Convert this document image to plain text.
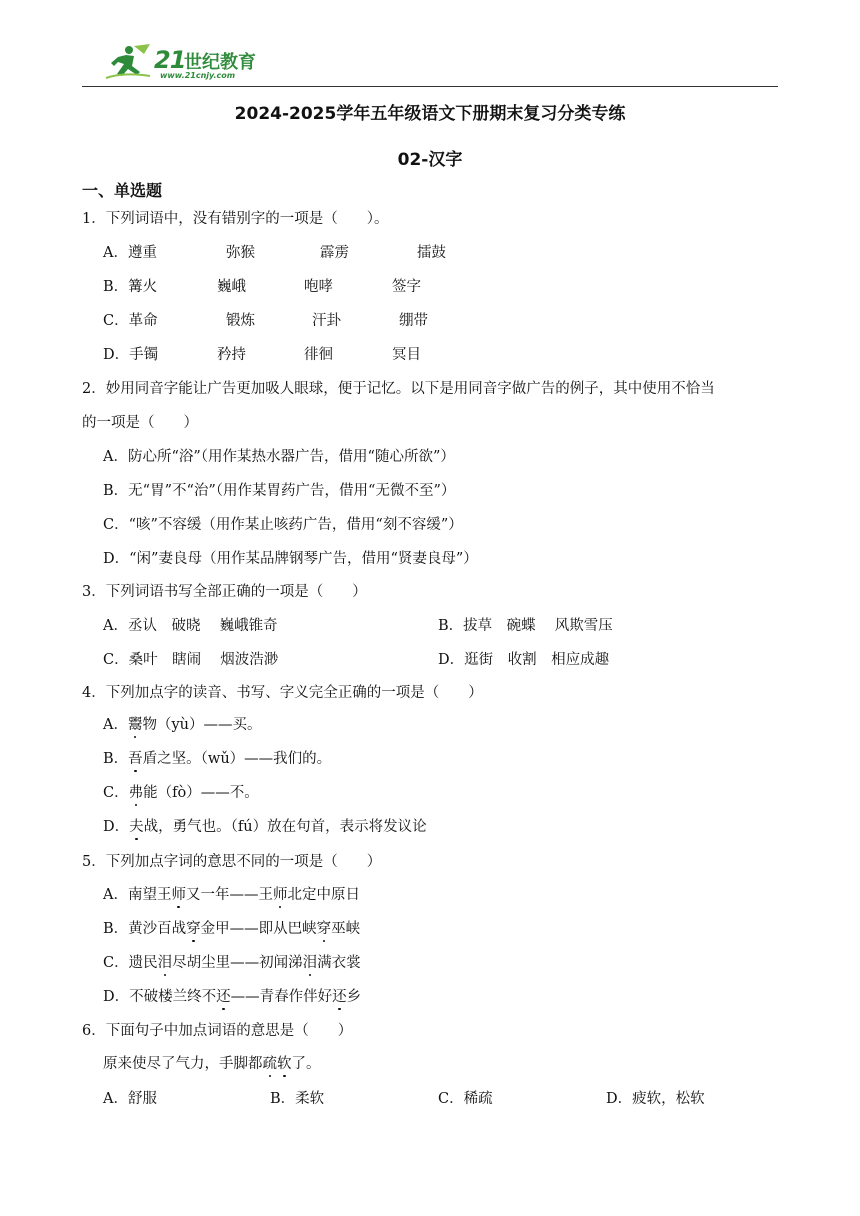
21
世纪教育
www.21cnjy.com
2024-2025学年五年级语文下册期末复习分类专练
02-汉字
一、单选题
1．下列词语中，没有错别字的一项是（　　）。
A．遵重	弥猴	霹雳	擂鼓
B．篝火	巍峨	咆哮	签字
C．革命	锻炼	汗卦	绷带
D．手镯	矜持	徘徊	冥目
2．妙用同音字能让广告更加吸人眼球，便于记忆。以下是用同音字做广告的例子，其中使用不恰当
的一项是（　　）
A．防心所“浴”（用作某热水器广告，借用“随心所欲”）
B．无“胃”不“治”（用作某胃药广告，借用“无微不至”）
C．“咳”不容缓（用作某止咳药广告，借用“刻不容缓”）
D．“闲”妻良母（用作某品牌钢琴广告，借用“贤妻良母”）
3．下列词语书写全部正确的一项是（　　）
A．丞认　破晓　 巍峨锥奇	B．拔草　碗蝶　 风欺雪压
C．桑叶　瞎闹　 烟波浩渺	D．逛街　收割　相应成趣
4．下列加点字的读音、书写、字义完全正确的一项是（　　）
A．鬻物（yù）——买。
B．吾盾之坚。（wǔ）——我们的。
C．弗能（fò）——不。
D．夫战，勇气也。（fú）放在句首，表示将发议论
5．下列加点字词的意思不同的一项是（　　）
A．南望王师又一年——王师北定中原日
B．黄沙百战穿金甲——即从巴峡穿巫峡
C．遗民泪尽胡尘里——初闻涕泪满衣裳
D．不破楼兰终不还——青春作伴好还乡
6．下面句子中加点词语的意思是（　　）
原来使尽了气力，手脚都疏软了。
A．舒服	B．柔软	C．稀疏	D．疲软，松软
